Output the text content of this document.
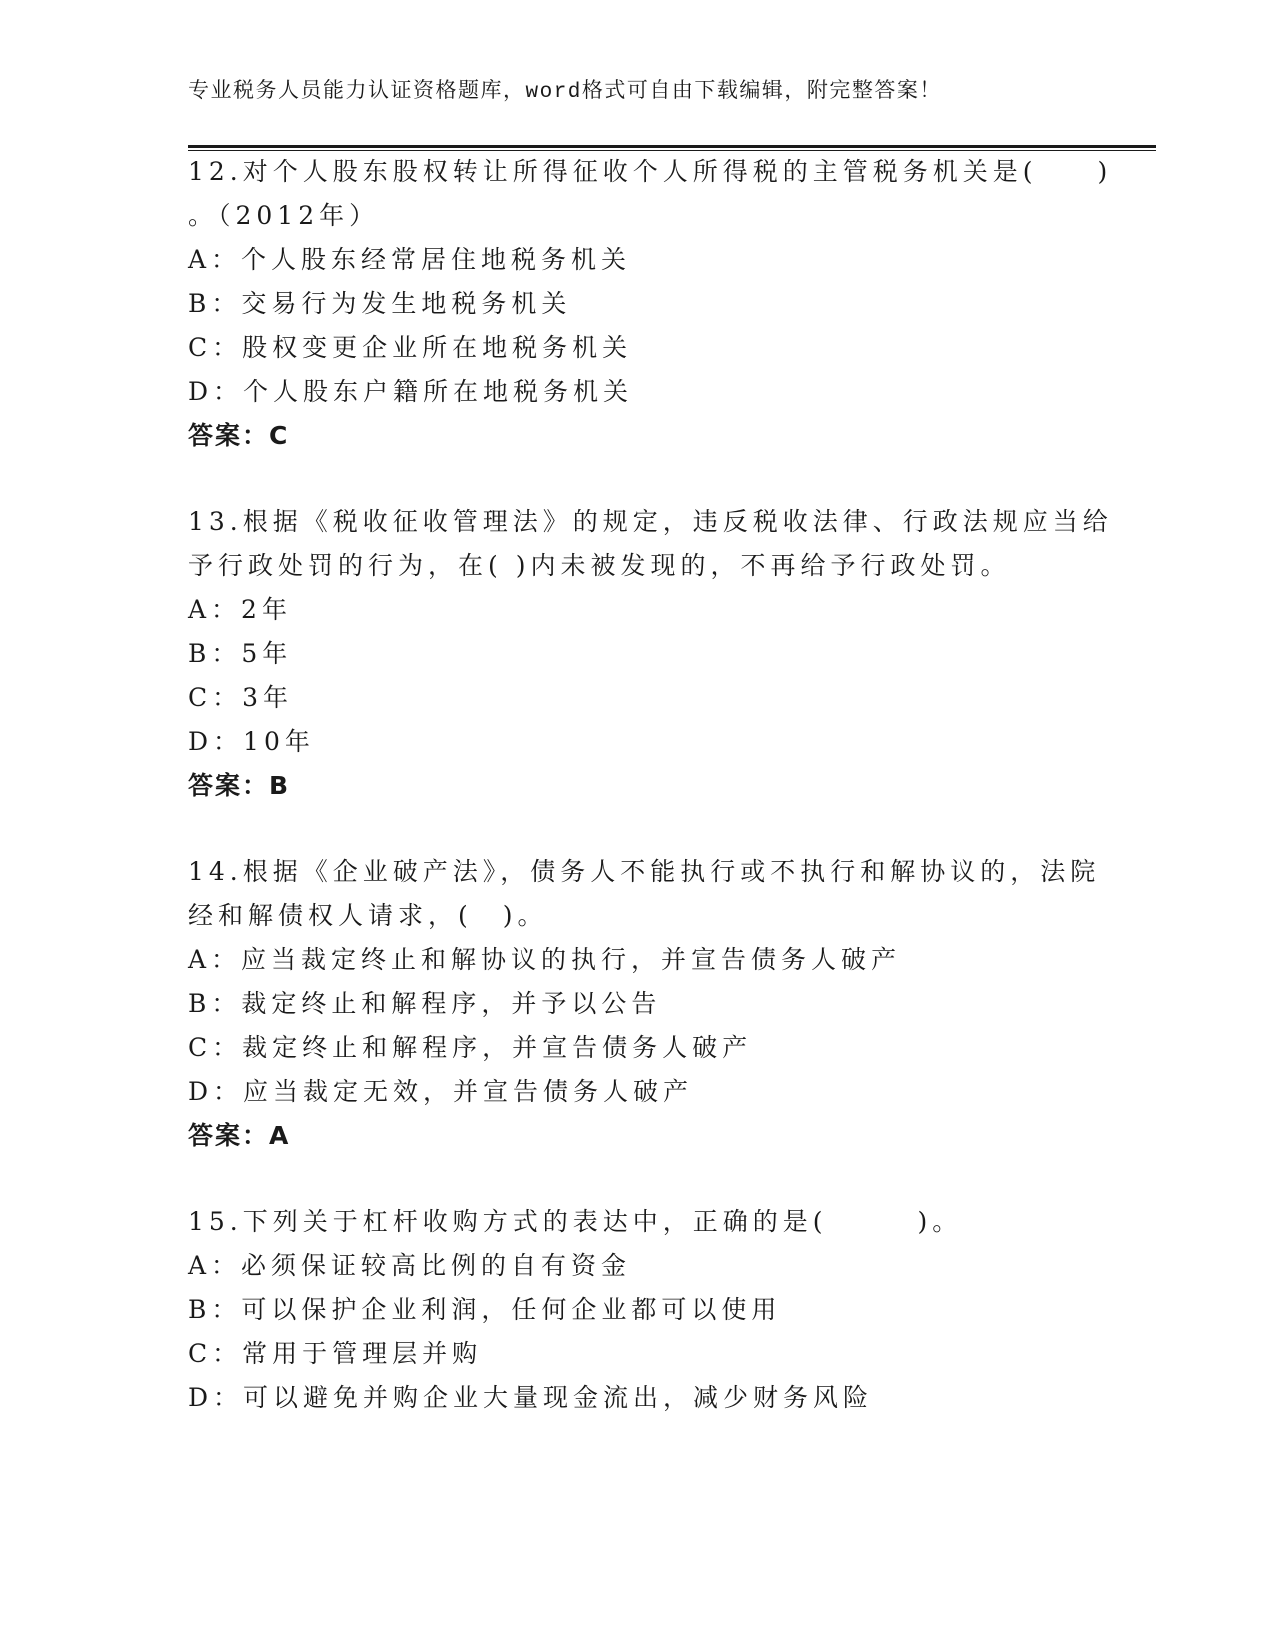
专业税务人员能力认证资格题库，word格式可自由下载编辑，附完整答案！
12.对个人股东股权转让所得征收个人所得税的主管税务机关是(　　)
。（2012年）
A：个人股东经常居住地税务机关
B：交易行为发生地税务机关
C：股权变更企业所在地税务机关
D：个人股东户籍所在地税务机关
答案：C
13.根据《税收征收管理法》的规定，违反税收法律、行政法规应当给
予行政处罚的行为，在( )内未被发现的，不再给予行政处罚。
A：2年
B：5年
C：3年
D：10年
答案：B
14.根据《企业破产法》，债务人不能执行或不执行和解协议的，法院
经和解债权人请求，(　)。
A：应当裁定终止和解协议的执行，并宣告债务人破产
B：裁定终止和解程序，并予以公告
C：裁定终止和解程序，并宣告债务人破产
D：应当裁定无效，并宣告债务人破产
答案：A
15.下列关于杠杆收购方式的表达中，正确的是(　　　)。
A：必须保证较高比例的自有资金
B：可以保护企业利润，任何企业都可以使用
C：常用于管理层并购
D：可以避免并购企业大量现金流出，减少财务风险
